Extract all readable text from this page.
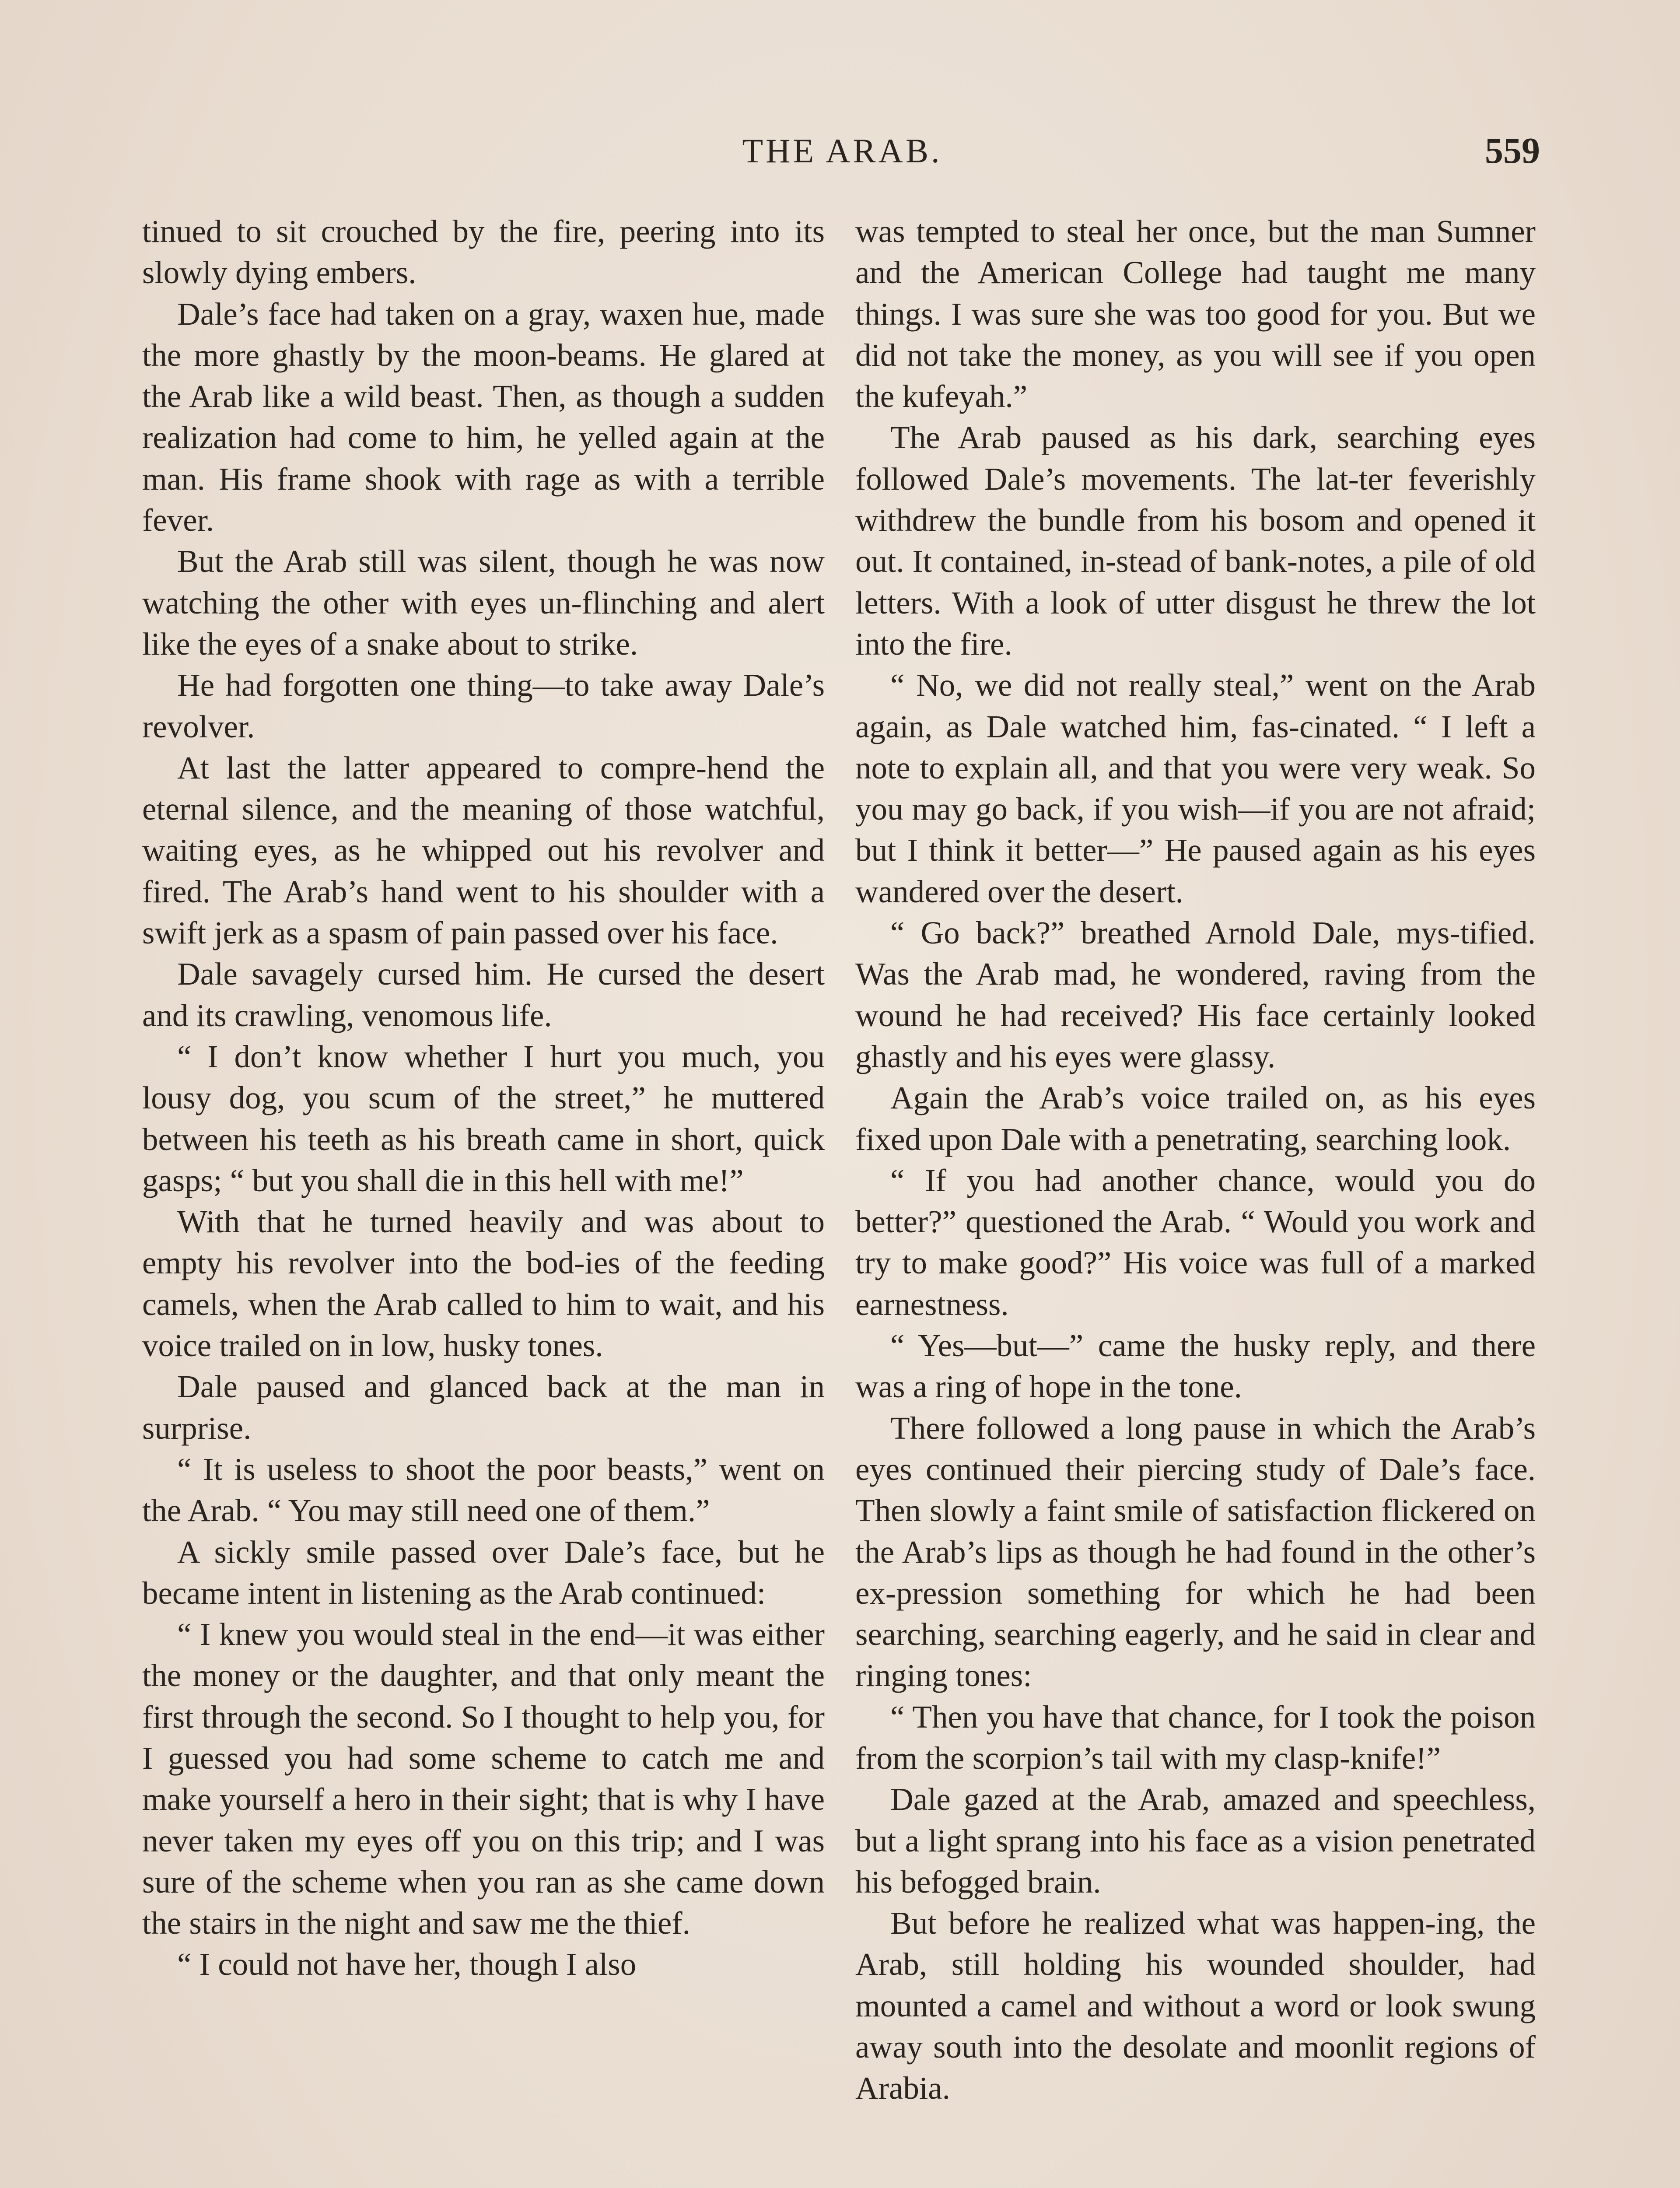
THE ARAB.	559

tinued to sit crouched by the fire, peering into its slowly dying embers.

Dale’s face had taken on a gray, waxen hue, made the more ghastly by the moon-beams. He glared at the Arab like a wild beast. Then, as though a sudden realization had come to him, he yelled again at the man. His frame shook with rage as with a terrible fever.

But the Arab still was silent, though he was now watching the other with eyes un-flinching and alert like the eyes of a snake about to strike.

He had forgotten one thing—to take away Dale’s revolver.

At last the latter appeared to compre-hend the eternal silence, and the meaning of those watchful, waiting eyes, as he whipped out his revolver and fired. The Arab’s hand went to his shoulder with a swift jerk as a spasm of pain passed over his face.

Dale savagely cursed him. He cursed the desert and its crawling, venomous life.

“ I don’t know whether I hurt you much, you lousy dog, you scum of the street,” he muttered between his teeth as his breath came in short, quick gasps; “ but you shall die in this hell with me!”

With that he turned heavily and was about to empty his revolver into the bod-ies of the feeding camels, when the Arab called to him to wait, and his voice trailed on in low, husky tones.

Dale paused and glanced back at the man in surprise.

“ It is useless to shoot the poor beasts,” went on the Arab. “ You may still need one of them.”

A sickly smile passed over Dale’s face, but he became intent in listening as the Arab continued:

“ I knew you would steal in the end—it was either the money or the daughter, and that only meant the first through the second. So I thought to help you, for I guessed you had some scheme to catch me and make yourself a hero in their sight; that is why I have never taken my eyes off you on this trip; and I was sure of the scheme when you ran as she came down the stairs in the night and saw me the thief.

“ I could not have her, though I also

was tempted to steal her once, but the man Sumner and the American College had taught me many things. I was sure she was too good for you. But we did not take the money, as you will see if you open the kufeyah.”

The Arab paused as his dark, searching eyes followed Dale’s movements. The lat-ter feverishly withdrew the bundle from his bosom and opened it out. It contained, in-stead of bank-notes, a pile of old letters. With a look of utter disgust he threw the lot into the fire.

“ No, we did not really steal,” went on the Arab again, as Dale watched him, fas-cinated. “ I left a note to explain all, and that you were very weak. So you may go back, if you wish—if you are not afraid; but I think it better—” He paused again as his eyes wandered over the desert.

“ Go back?” breathed Arnold Dale, mys-tified. Was the Arab mad, he wondered, raving from the wound he had received? His face certainly looked ghastly and his eyes were glassy.

Again the Arab’s voice trailed on, as his eyes fixed upon Dale with a penetrating, searching look.

“ If you had another chance, would you do better?” questioned the Arab. “ Would you work and try to make good?” His voice was full of a marked earnestness.

“ Yes—but—” came the husky reply, and there was a ring of hope in the tone.

There followed a long pause in which the Arab’s eyes continued their piercing study of Dale’s face. Then slowly a faint smile of satisfaction flickered on the Arab’s lips as though he had found in the other’s ex-pression something for which he had been searching, searching eagerly, and he said in clear and ringing tones:

“ Then you have that chance, for I took the poison from the scorpion’s tail with my clasp-knife!”

Dale gazed at the Arab, amazed and speechless, but a light sprang into his face as a vision penetrated his befogged brain.

But before he realized what was happen-ing, the Arab, still holding his wounded shoulder, had mounted a camel and without a word or look swung away south into the desolate and moonlit regions of Arabia.
